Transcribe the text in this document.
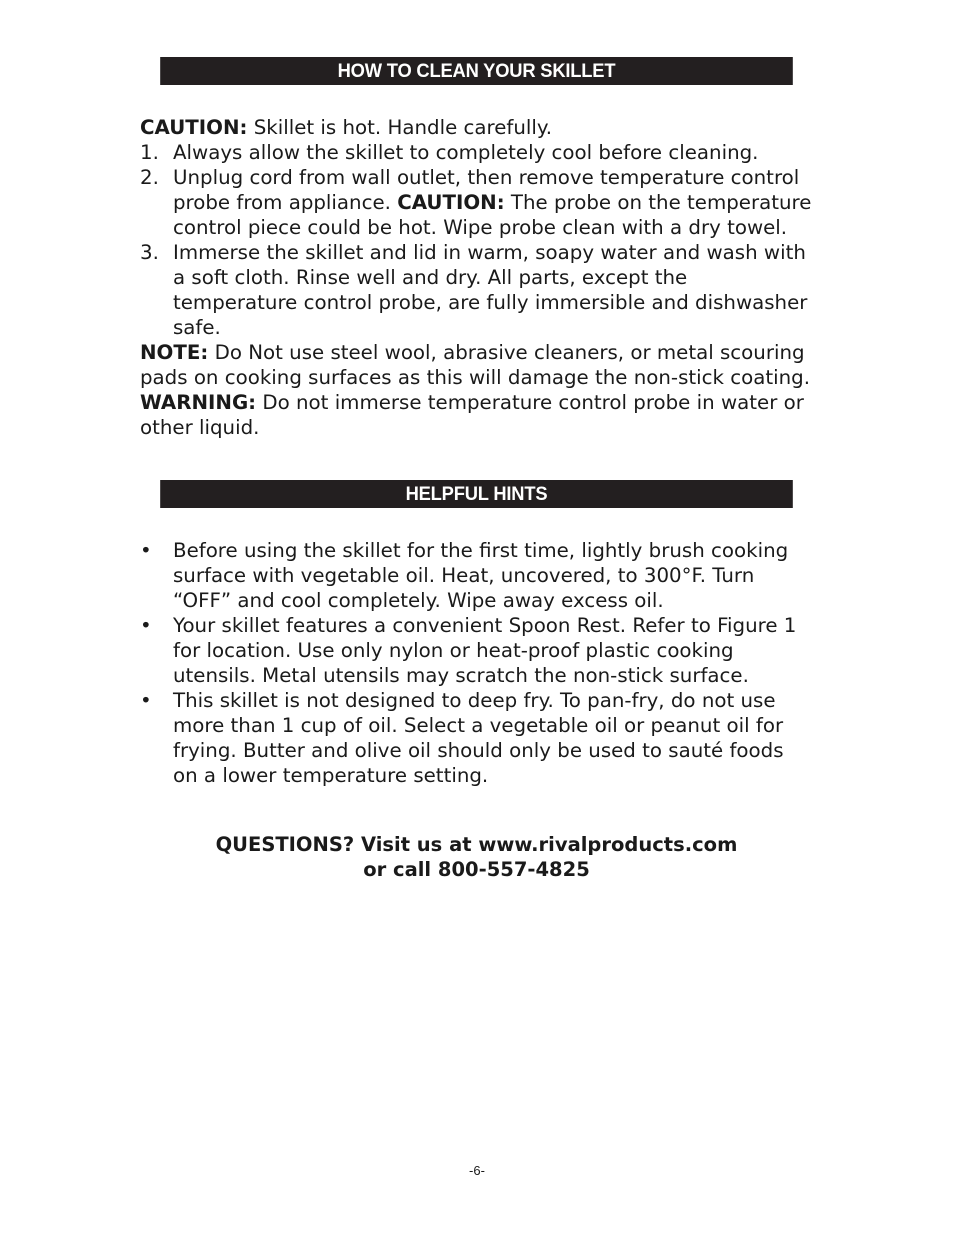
HOW TO CLEAN YOUR SKILLET
CAUTION: Skillet is hot. Handle carefully.
1. Always allow the skillet to completely cool before cleaning.
2. Unplug cord from wall outlet, then remove temperature control probe from appliance. CAUTION: The probe on the temperature control piece could be hot. Wipe probe clean with a dry towel.
3. Immerse the skillet and lid in warm, soapy water and wash with a soft cloth. Rinse well and dry. All parts, except the temperature control probe, are fully immersible and dishwasher safe.
NOTE: Do Not use steel wool, abrasive cleaners, or metal scouring pads on cooking surfaces as this will damage the non-stick coating.
WARNING: Do not immerse temperature control probe in water or other liquid.
HELPFUL HINTS
• Before using the skillet for the first time, lightly brush cooking surface with vegetable oil. Heat, uncovered, to 300°F. Turn “OFF” and cool completely. Wipe away excess oil.
• Your skillet features a convenient Spoon Rest. Refer to Figure 1 for location. Use only nylon or heat-proof plastic cooking utensils. Metal utensils may scratch the non-stick surface.
• This skillet is not designed to deep fry. To pan-fry, do not use more than 1 cup of oil. Select a vegetable oil or peanut oil for frying. Butter and olive oil should only be used to sauté foods on a lower temperature setting.
QUESTIONS? Visit us at www.rivalproducts.com
or call 800-557-4825
-6-
